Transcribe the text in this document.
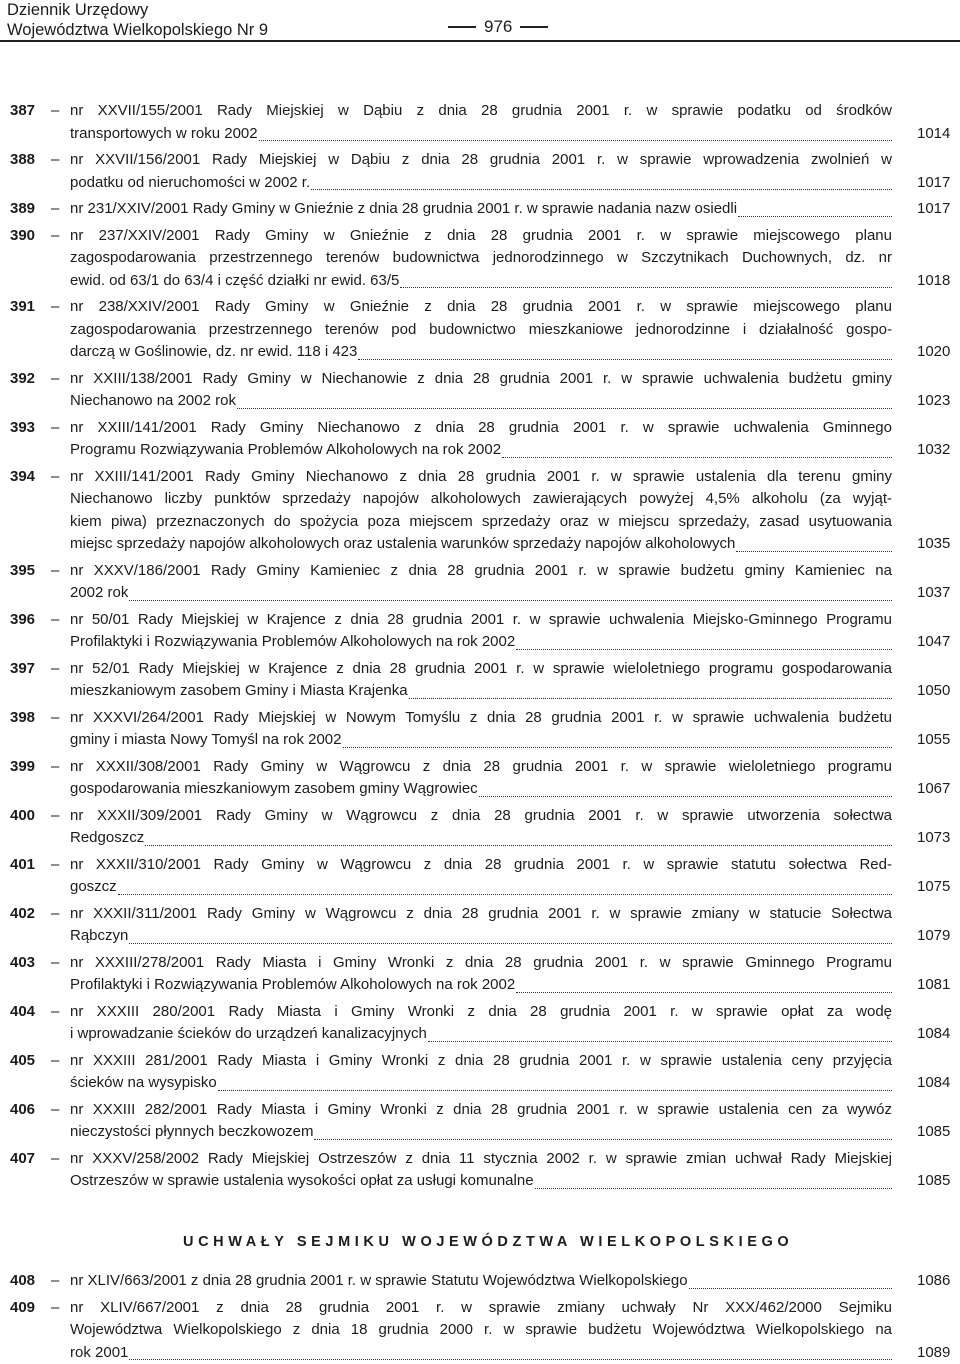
Dziennik Urzędowy
Województwa Wielkopolskiego Nr 9	976
387 – nr XXVII/155/2001 Rady Miejskiej w Dąbiu z dnia 28 grudnia 2001 r. w sprawie podatku od środków
transportowych w roku 2002	1014
388 – nr XXVII/156/2001 Rady Miejskiej w Dąbiu z dnia 28 grudnia 2001 r. w sprawie wprowadzenia zwolnień w
podatku od nieruchomości w 2002 r.	1017
389 – nr 231/XXIV/2001 Rady Gminy w Gnieźnie z dnia 28 grudnia 2001 r. w sprawie nadania nazw osiedli	1017
390 – nr 237/XXIV/2001 Rady Gminy w Gnieźnie z dnia 28 grudnia 2001 r. w sprawie miejscowego planu
zagospodarowania przestrzennego terenów budownictwa jednorodzinnego w Szczytnikach Duchownych, dz. nr
ewid. od 63/1 do 63/4 i część działki nr ewid. 63/5	1018
391 – nr 238/XXIV/2001 Rady Gminy w Gnieźnie z dnia 28 grudnia 2001 r. w sprawie miejscowego planu
zagospodarowania przestrzennego terenów pod budownictwo mieszkaniowe jednorodzinne i działalność gospo-
darczą w Goślinowie, dz. nr ewid. 118 i 423	1020
392 – nr XXIII/138/2001 Rady Gminy w Niechanowie z dnia 28 grudnia 2001 r. w sprawie uchwalenia budżetu gminy
Niechanowo na 2002 rok	1023
393 – nr XXIII/141/2001 Rady Gminy Niechanowo z dnia 28 grudnia 2001 r. w sprawie uchwalenia Gminnego
Programu Rozwiązywania Problemów Alkoholowych na rok 2002	1032
394 – nr XXIII/141/2001 Rady Gminy Niechanowo z dnia 28 grudnia 2001 r. w sprawie ustalenia dla terenu gminy
Niechanowo liczby punktów sprzedaży napojów alkoholowych zawierających powyżej 4,5% alkoholu (za wyjąt-
kiem piwa) przeznaczonych do spożycia poza miejscem sprzedaży oraz w miejscu sprzedaży, zasad usytuowania
miejsc sprzedaży napojów alkoholowych oraz ustalenia warunków sprzedaży napojów alkoholowych	1035
395 – nr XXXV/186/2001 Rady Gminy Kamieniec z dnia 28 grudnia 2001 r. w sprawie budżetu gminy Kamieniec na
2002 rok	1037
396 – nr 50/01 Rady Miejskiej w Krajence z dnia 28 grudnia 2001 r. w sprawie uchwalenia Miejsko-Gminnego Programu
Profilaktyki i Rozwiązywania Problemów Alkoholowych na rok 2002	1047
397 – nr 52/01 Rady Miejskiej w Krajence z dnia 28 grudnia 2001 r. w sprawie wieloletniego programu gospodarowania
mieszkaniowym zasobem Gminy i Miasta Krajenka	1050
398 – nr XXXVI/264/2001 Rady Miejskiej w Nowym Tomyślu z dnia 28 grudnia 2001 r. w sprawie uchwalenia budżetu
gminy i miasta Nowy Tomyśl na rok 2002	1055
399 – nr XXXII/308/2001 Rady Gminy w Wągrowcu z dnia 28 grudnia 2001 r. w sprawie wieloletniego programu
gospodarowania mieszkaniowym zasobem gminy Wągrowiec	1067
400 – nr XXXII/309/2001 Rady Gminy w Wągrowcu z dnia 28 grudnia 2001 r. w sprawie utworzenia sołectwa
Redgoszcz	1073
401 – nr XXXII/310/2001 Rady Gminy w Wągrowcu z dnia 28 grudnia 2001 r. w sprawie statutu sołectwa Red-
goszcz	1075
402 – nr XXXII/311/2001 Rady Gminy w Wągrowcu z dnia 28 grudnia 2001 r. w sprawie zmiany w statucie Sołectwa
Rąbczyn	1079
403 – nr XXXIII/278/2001 Rady Miasta i Gminy Wronki z dnia 28 grudnia 2001 r. w sprawie Gminnego Programu
Profilaktyki i Rozwiązywania Problemów Alkoholowych na rok 2002	1081
404 – nr XXXIII 280/2001 Rady Miasta i Gminy Wronki z dnia 28 grudnia 2001 r. w sprawie opłat za wodę
i wprowadzanie ścieków do urządzeń kanalizacyjnych	1084
405 – nr XXXIII 281/2001 Rady Miasta i Gminy Wronki z dnia 28 grudnia 2001 r. w sprawie ustalenia ceny przyjęcia
ścieków na wysypisko	1084
406 – nr XXXIII 282/2001 Rady Miasta i Gminy Wronki z dnia 28 grudnia 2001 r. w sprawie ustalenia cen za wywóz
nieczystości płynnych beczkowozem	1085
407 – nr XXXV/258/2002 Rady Miejskiej Ostrzeszów z dnia 11 stycznia 2002 r. w sprawie zmian uchwał Rady Miejskiej
Ostrzeszów w sprawie ustalenia wysokości opłat za usługi komunalne	1085
UCHWAŁY SEJMIKU WOJEWÓDZTWA WIELKOPOLSKIEGO
408 – nr XLIV/663/2001 z dnia 28 grudnia 2001 r. w sprawie Statutu Województwa Wielkopolskiego	1086
409 – nr XLIV/667/2001 z dnia 28 grudnia 2001 r. w sprawie zmiany uchwały Nr XXX/462/2000 Sejmiku
Województwa Wielkopolskiego z dnia 18 grudnia 2000 r. w sprawie budżetu Województwa Wielkopolskiego na
rok 2001	1089
